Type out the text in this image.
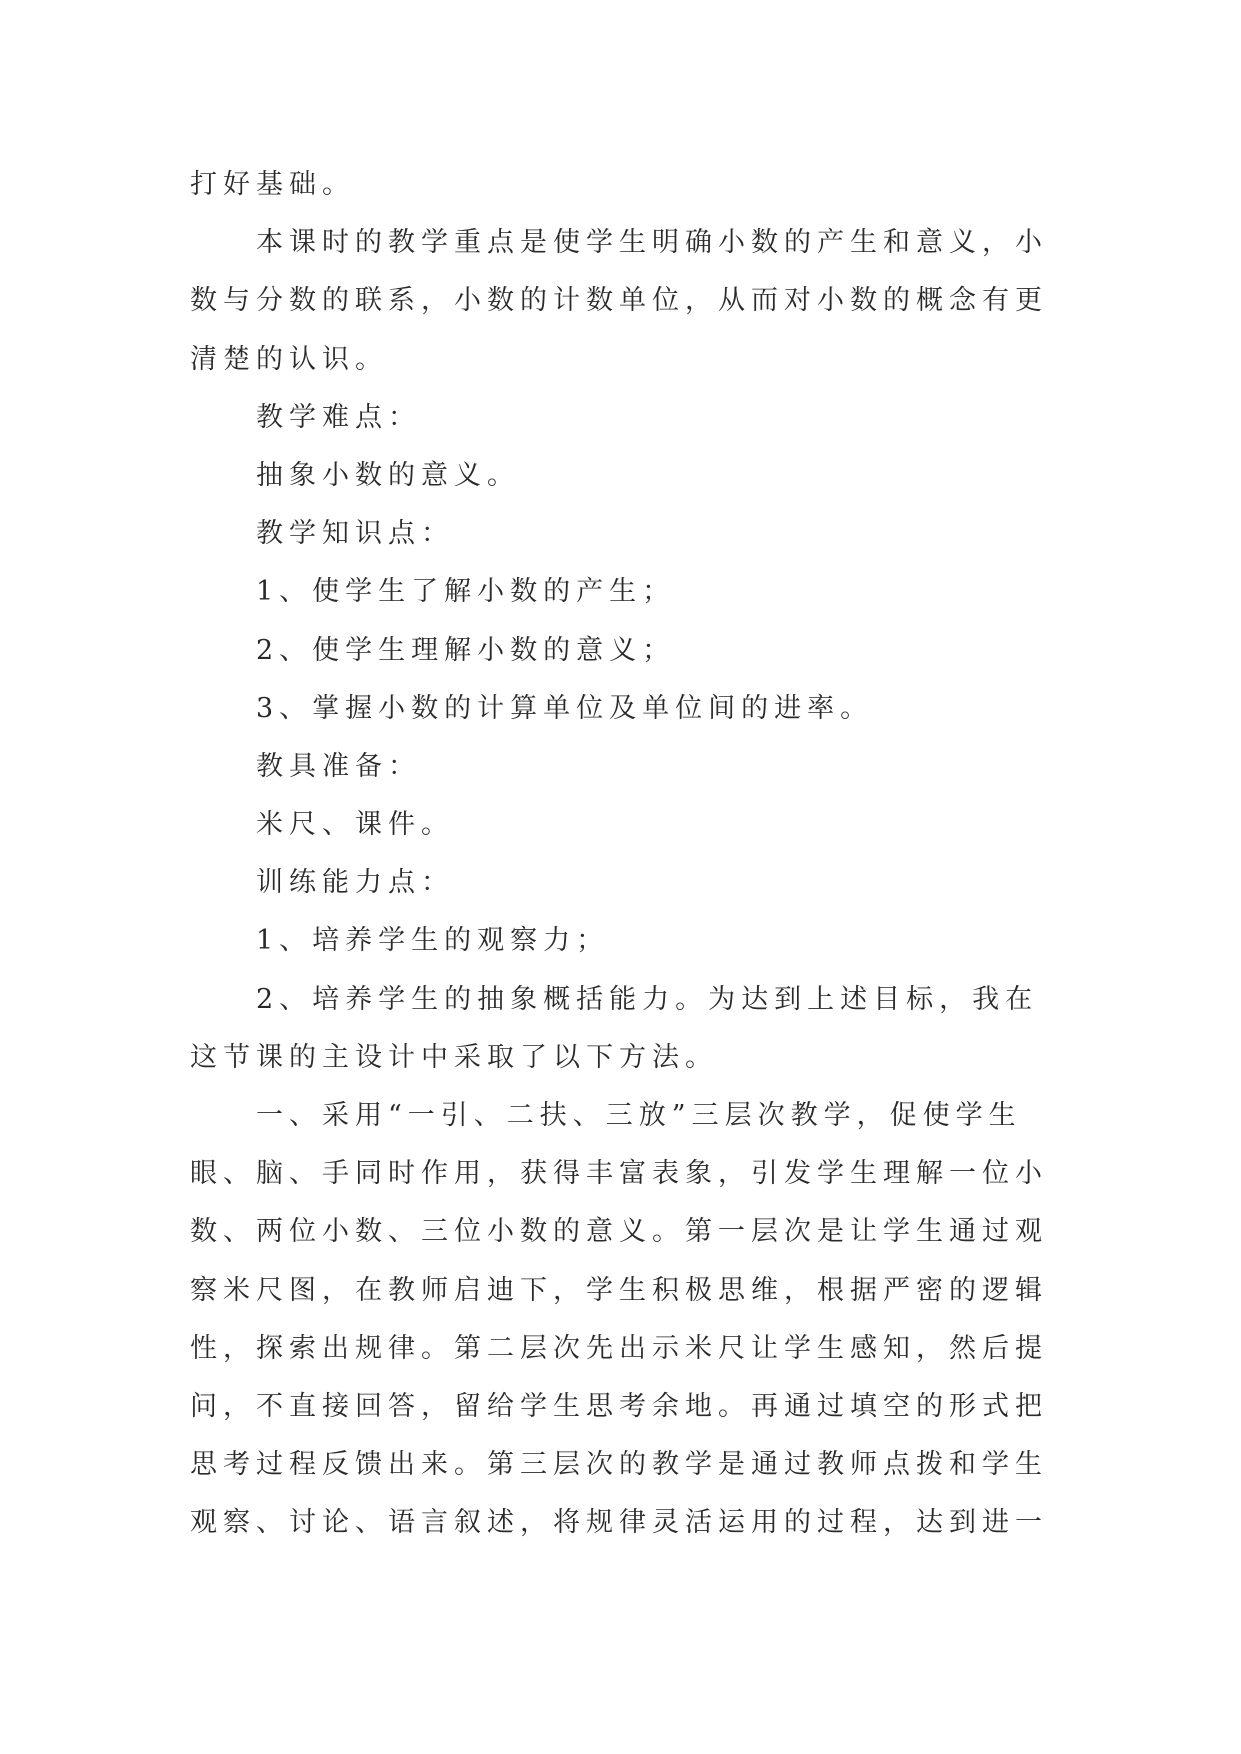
打好基础。
本课时的教学重点是使学生明确小数的产生和意义，小
数与分数的联系，小数的计数单位，从而对小数的概念有更
清楚的认识。
教学难点：
抽象小数的意义。
教学知识点：
1、使学生了解小数的产生；
2、使学生理解小数的意义；
3、掌握小数的计算单位及单位间的进率。
教具准备：
米尺、课件。
训练能力点：
1、培养学生的观察力；
2、培养学生的抽象概括能力。为达到上述目标，我在
这节课的主设计中采取了以下方法。
一、采用“一引、二扶、三放”三层次教学，促使学生
眼、脑、手同时作用，获得丰富表象，引发学生理解一位小
数、两位小数、三位小数的意义。第一层次是让学生通过观
察米尺图，在教师启迪下，学生积极思维，根据严密的逻辑
性，探索出规律。第二层次先出示米尺让学生感知，然后提
问，不直接回答，留给学生思考余地。再通过填空的形式把
思考过程反馈出来。第三层次的教学是通过教师点拨和学生
观察、讨论、语言叙述，将规律灵活运用的过程，达到进一
